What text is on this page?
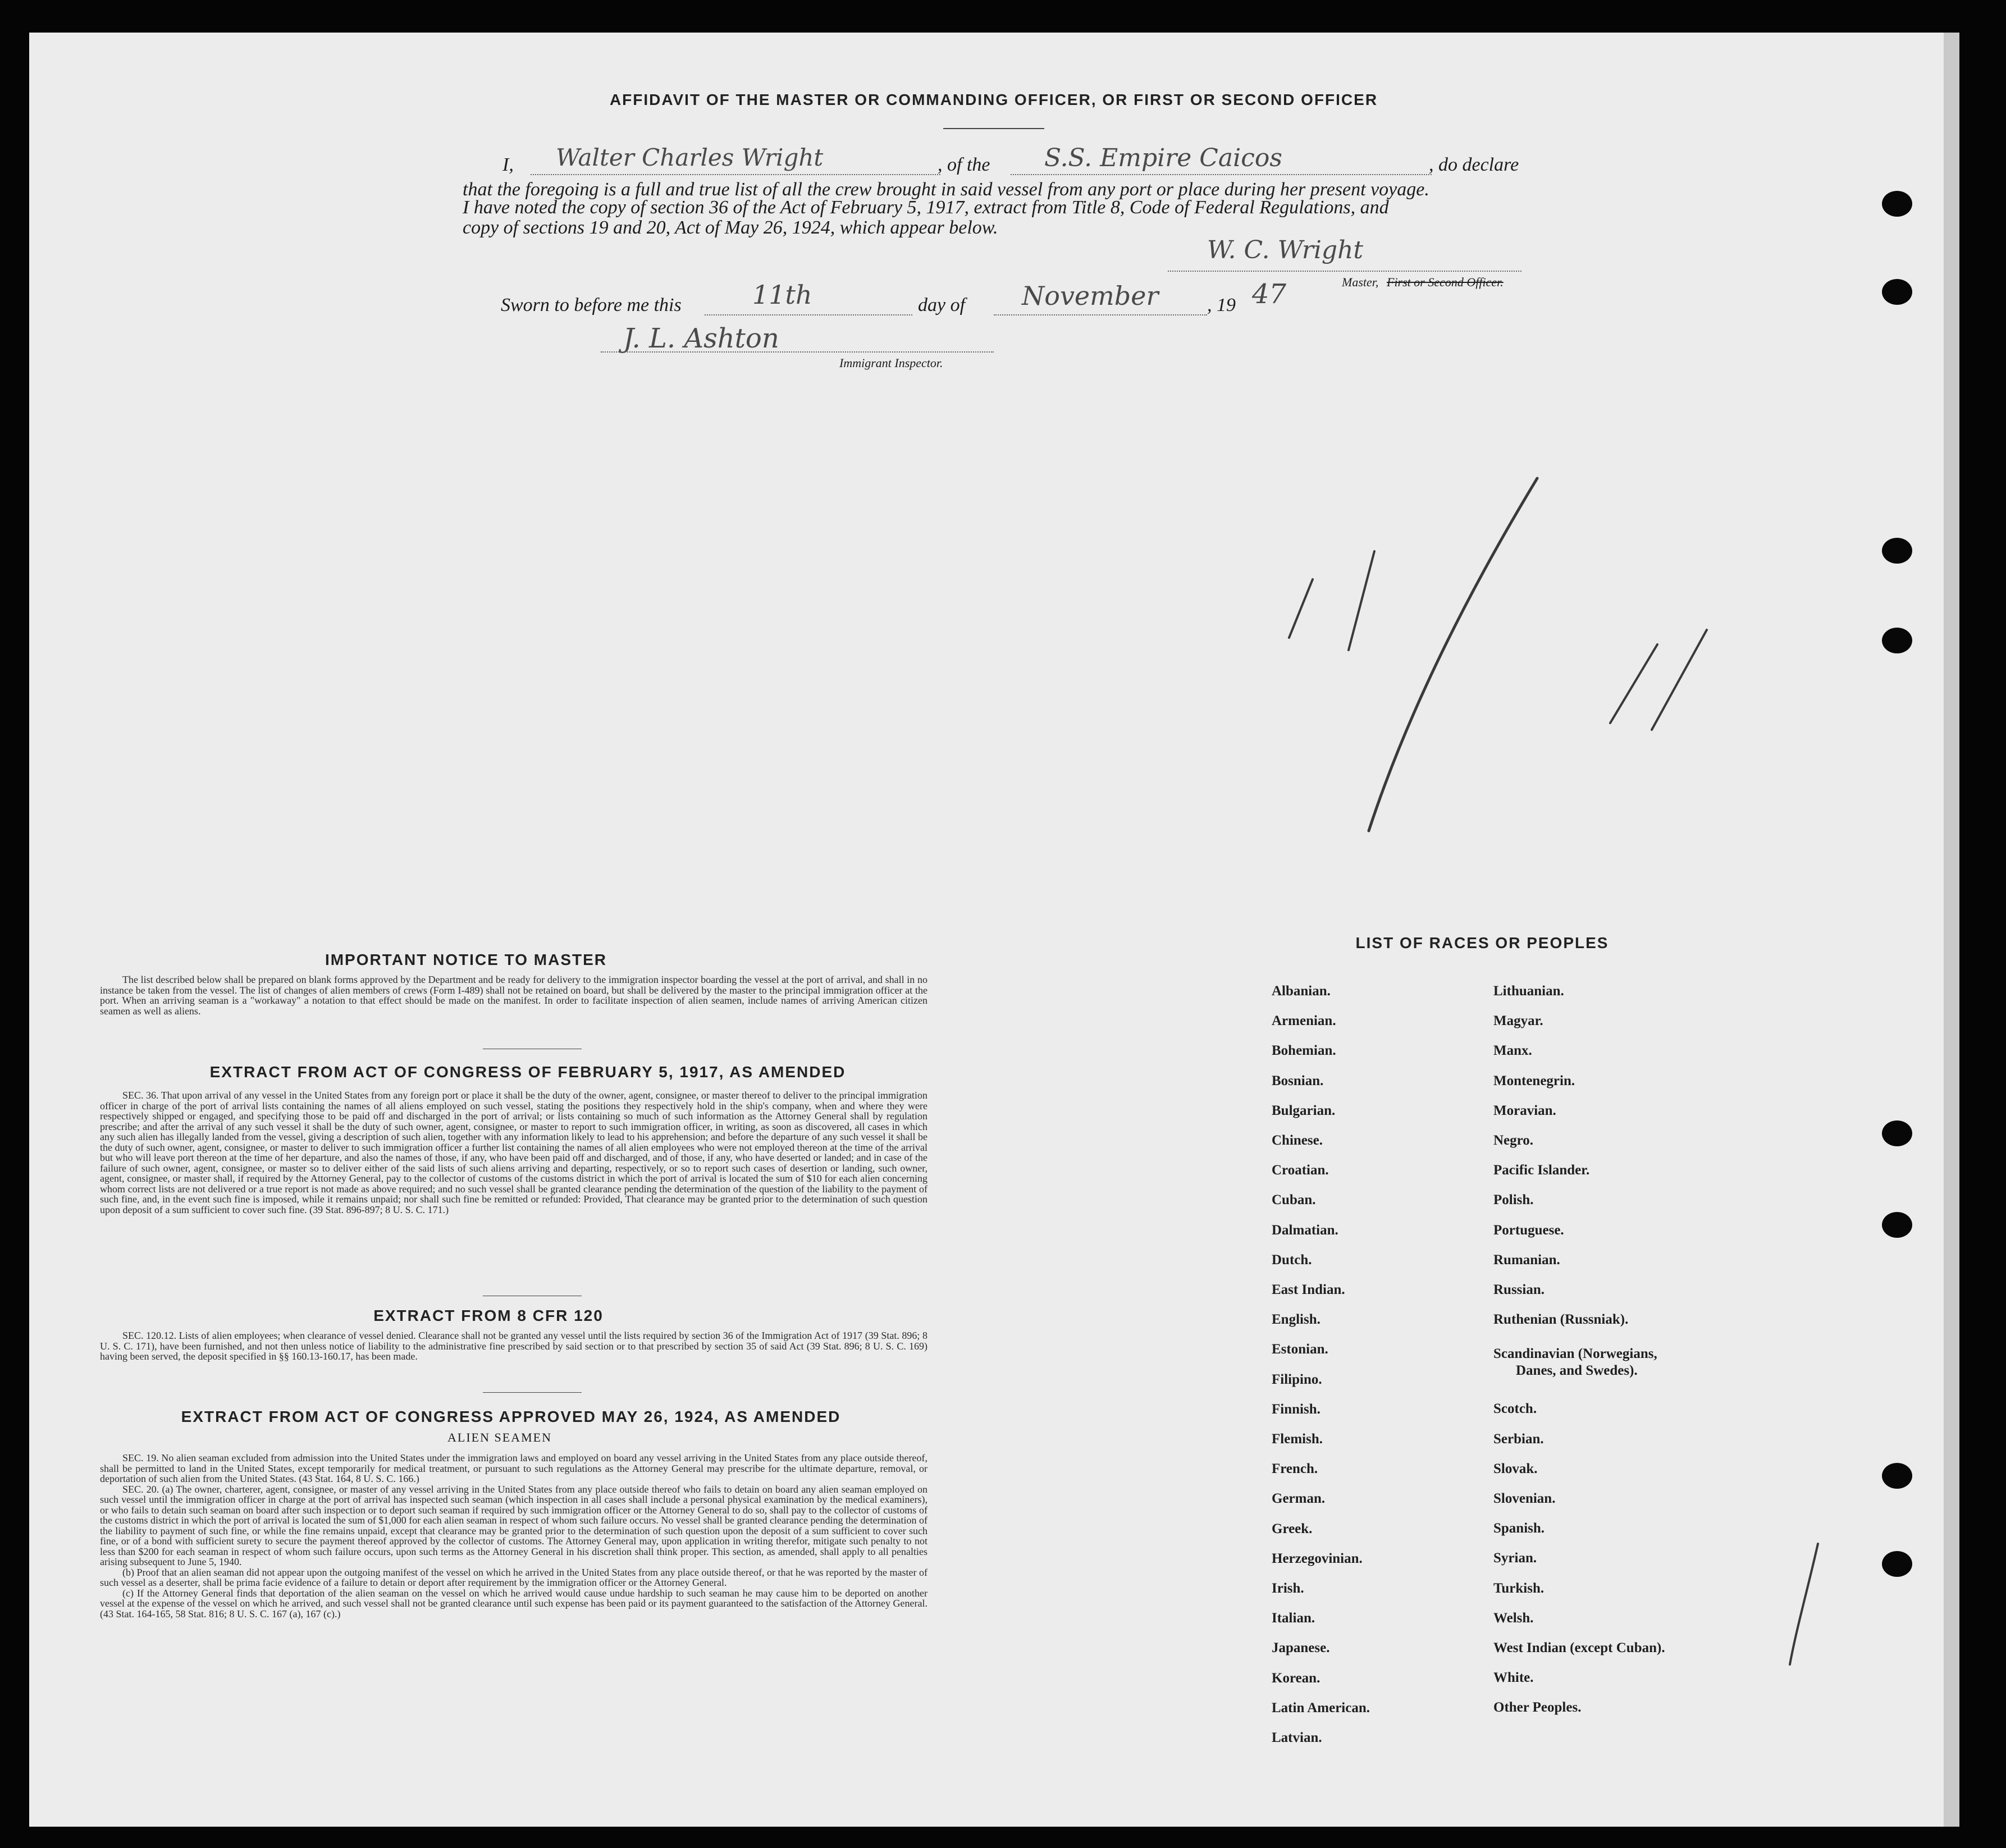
AFFIDAVIT OF THE MASTER OR COMMANDING OFFICER, OR FIRST OR SECOND OFFICER
I, Walter Charles Wright	, of the S.S. Empire Caicos	, do declare
that the foregoing is a full and true list of all the crew brought in said vessel from any port or place during her present voyage.
I have noted the copy of section 36 of the Act of February 5, 1917, extract from Title 8, Code of Federal Regulations, and
copy of sections 19 and 20, Act of May 26, 1924, which appear below.
W. C. Wright
Master, First or Second Officer.
Sworn to before me this	11th	day of November	, 19 47
J. L. Ashton
Immigrant Inspector.
IMPORTANT NOTICE TO MASTER

The list described below shall be prepared on blank forms approved by the Department and be ready for delivery to the immigration inspector boarding the vessel at the port of arrival, and shall in no instance be taken from the vessel. The list of changes of alien members of crews (Form I-489) shall not be retained on board, but shall be delivered by the master to the principal immigration officer at the port. When an arriving seaman is a "workaway" a notation to that effect should be made on the manifest. In order to facilitate inspection of alien seamen, include names of arriving American citizen seamen as well as aliens.

EXTRACT FROM ACT OF CONGRESS OF FEBRUARY 5, 1917, AS AMENDED

SEC. 36. That upon arrival of any vessel in the United States from any foreign port or place it shall be the duty of the owner, agent, consignee, or master thereof to deliver to the principal immigration officer in charge of the port of arrival lists containing the names of all aliens employed on such vessel, stating the positions they respectively hold in the ship's company, when and where they were respectively shipped or engaged, and specifying those to be paid off and discharged in the port of arrival; or lists containing so much of such information as the Attorney General shall by regulation prescribe; and after the arrival of any such vessel it shall be the duty of such owner, agent, consignee, or master to report to such immigration officer, in writing, as soon as discovered, all cases in which any such alien has illegally landed from the vessel, giving a description of such alien, together with any information likely to lead to his apprehension; and before the departure of any such vessel it shall be the duty of such owner, agent, consignee, or master to deliver to such immigration officer a further list containing the names of all alien employees who were not employed thereon at the time of the arrival but who will leave port thereon at the time of her departure, and also the names of those, if any, who have been paid off and discharged, and of those, if any, who have deserted or landed; and in case of the failure of such owner, agent, consignee, or master so to deliver either of the said lists of such aliens arriving and departing, respectively, or so to report such cases of desertion or landing, such owner, agent, consignee, or master shall, if required by the Attorney General, pay to the collector of customs of the customs district in which the port of arrival is located the sum of $10 for each alien concerning whom correct lists are not delivered or a true report is not made as above required; and no such vessel shall be granted clearance pending the determination of the question of the liability to the payment of such fine, and, in the event such fine is imposed, while it remains unpaid; nor shall such fine be remitted or refunded: Provided, That clearance may be granted prior to the determination of such question upon deposit of a sum sufficient to cover such fine. (39 Stat. 896-897; 8 U. S. C. 171.)

EXTRACT FROM 8 CFR 120

SEC. 120.12. Lists of alien employees; when clearance of vessel denied. Clearance shall not be granted any vessel until the lists required by section 36 of the Immigration Act of 1917 (39 Stat. 896; 8 U. S. C. 171), have been furnished, and not then unless notice of liability to the administrative fine prescribed by said section or to that prescribed by section 35 of said Act (39 Stat. 896; 8 U. S. C. 169) having been served, the deposit specified in §§ 160.13-160.17, has been made.

EXTRACT FROM ACT OF CONGRESS APPROVED MAY 26, 1924, AS AMENDED
ALIEN SEAMEN

SEC. 19. No alien seaman excluded from admission into the United States under the immigration laws and employed on board any vessel arriving in the United States from any place outside thereof, shall be permitted to land in the United States, except temporarily for medical treatment, or pursuant to such regulations as the Attorney General may prescribe for the ultimate departure, removal, or deportation of such alien from the United States. (43 Stat. 164, 8 U. S. C. 166.)

SEC. 20. (a) The owner, charterer, agent, consignee, or master of any vessel arriving in the United States from any place outside thereof who fails to detain on board any alien seaman employed on such vessel until the immigration officer in charge at the port of arrival has inspected such seaman (which inspection in all cases shall include a personal physical examination by the medical examiners), or who fails to detain such seaman on board after such inspection or to deport such seaman if required by such immigration officer or the Attorney General to do so, shall pay to the collector of customs of the customs district in which the port of arrival is located the sum of $1,000 for each alien seaman in respect of whom such failure occurs. No vessel shall be granted clearance pending the determination of the liability to payment of such fine, or while the fine remains unpaid, except that clearance may be granted prior to the determination of such question upon the deposit of a sum sufficient to cover such fine, or of a bond with sufficient surety to secure the payment thereof approved by the collector of customs. The Attorney General may, upon application in writing therefor, mitigate such penalty to not less than $200 for each seaman in respect of whom such failure occurs, upon such terms as the Attorney General in his discretion shall think proper. This section, as amended, shall apply to all penalties arising subsequent to June 5, 1940.

(b) Proof that an alien seaman did not appear upon the outgoing manifest of the vessel on which he arrived in the United States from any place outside thereof, or that he was reported by the master of such vessel as a deserter, shall be prima facie evidence of a failure to detain or deport after requirement by the immigration officer or the Attorney General.

(c) If the Attorney General finds that deportation of the alien seaman on the vessel on which he arrived would cause undue hardship to such seaman he may cause him to be deported on another vessel at the expense of the vessel on which he arrived, and such vessel shall not be granted clearance until such expense has been paid or its payment guaranteed to the satisfaction of the Attorney General. (43 Stat. 164-165, 58 Stat. 816; 8 U. S. C. 167 (a), 167 (c).)

LIST OF RACES OR PEOPLES
Albanian.
Armenian.
Bohemian.
Bosnian.
Bulgarian.
Chinese.
Croatian.
Cuban.
Dalmatian.
Dutch.
East Indian.
English.
Estonian.
Filipino.
Finnish.
Flemish.
French.
German.
Greek.
Herzegovinian.
Irish.
Italian.
Japanese.
Korean.
Latin American.
Latvian.
Lithuanian.
Magyar.
Manx.
Montenegrin.
Moravian.
Negro.
Pacific Islander.
Polish.
Portuguese.
Rumanian.
Russian.
Ruthenian (Russniak).
Scandinavian (Norwegians,
Danes, and Swedes).
Scotch.
Serbian.
Slovak.
Slovenian.
Spanish.
Syrian.
Turkish.
Welsh.
West Indian (except Cuban).
White.
Other Peoples.
